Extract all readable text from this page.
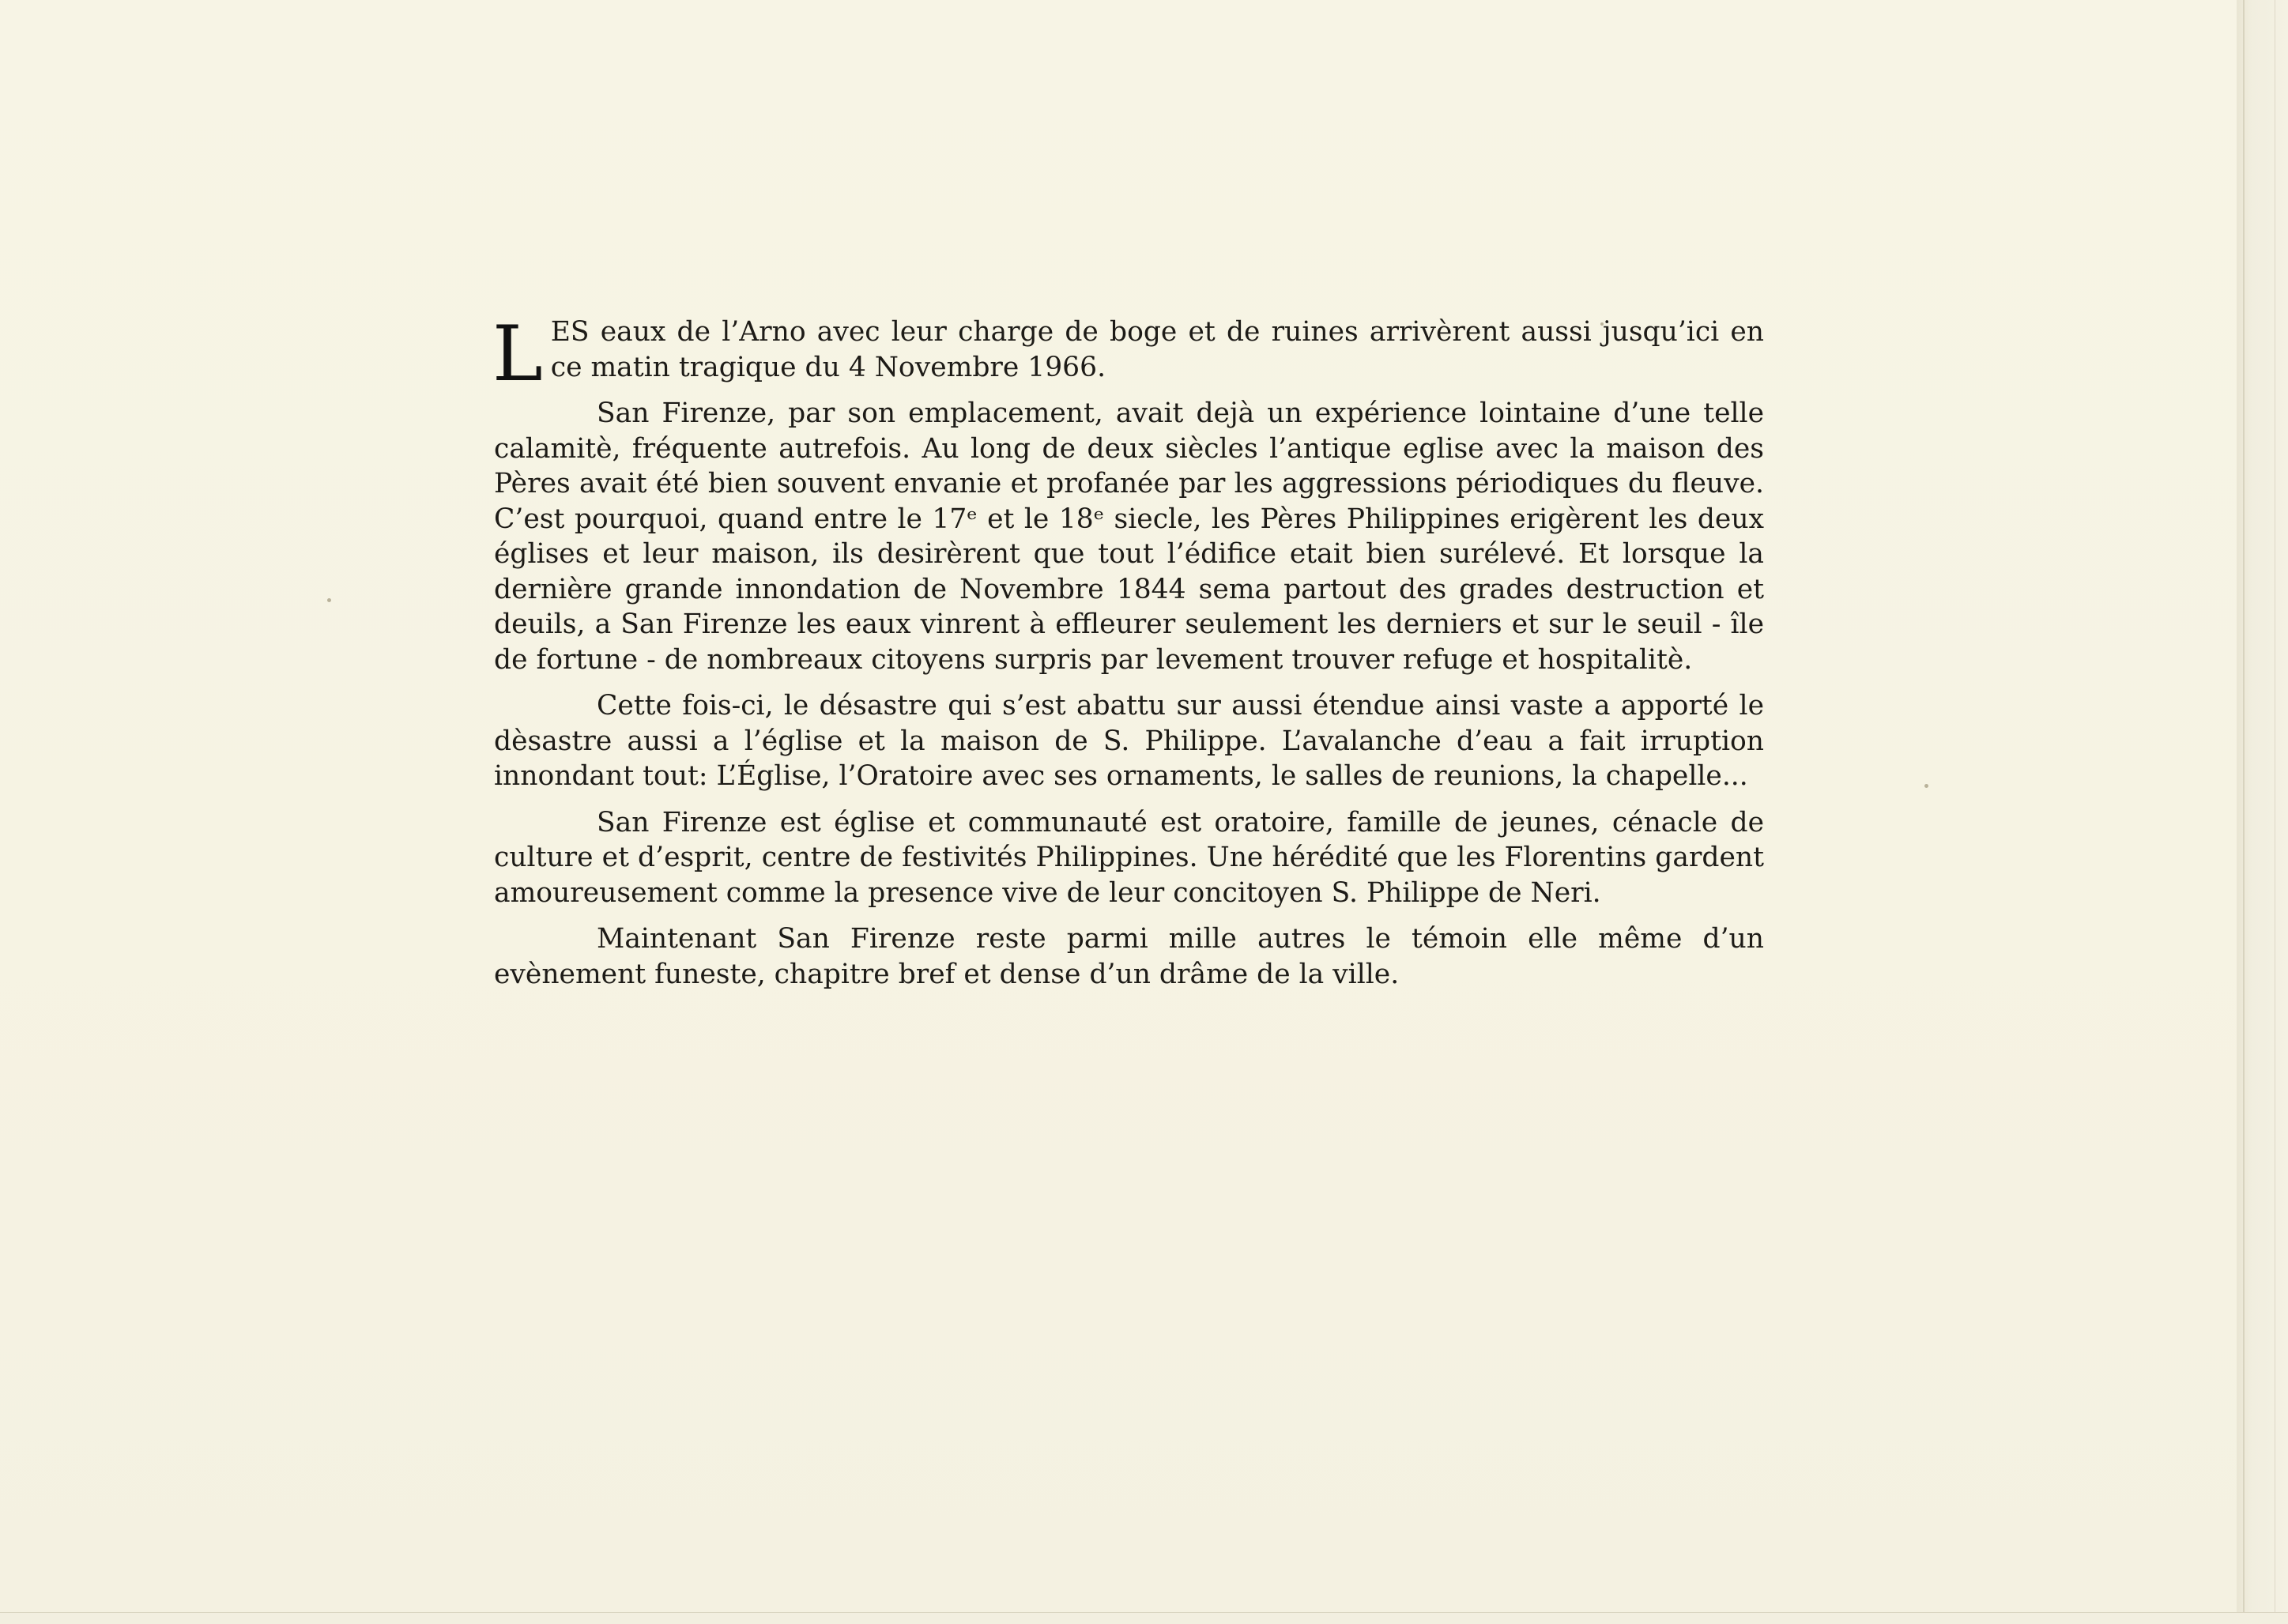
LES eaux de l’Arno avec leur charge de boge et de ruines arrivèrent aussi jusqu’ici en ce matin tragique du 4 Novembre 1966.

San Firenze, par son emplacement, avait dejà un expérience lointaine d’une telle calamitè, fréquente autrefois. Au long de deux siècles l’antique eglise avec la maison des Pères avait été bien souvent envanie et profanée par les aggressions périodiques du fleuve. C’est pourquoi, quand entre le 17ᵉ et le 18ᵉ siecle, les Pères Philippines erigèrent les deux églises et leur maison, ils desirèrent que tout l’édifice etait bien surélevé. Et lorsque la dernière grande innondation de Novembre 1844 sema partout des grades destruction et deuils, a San Firenze les eaux vinrent à effleurer seulement les derniers et sur le seuil - île de fortune - de nombreaux citoyens surpris par levement trouver refuge et hospitalitè.

Cette fois-ci, le désastre qui s’est abattu sur aussi étendue ainsi vaste a apporté le dèsastre aussi a l’église et la maison de S. Philippe. L’avalanche d’eau a fait irruption innondant tout: L’Église, l’Oratoire avec ses ornaments, le salles de reunions, la chapelle...

San Firenze est église et communauté est oratoire, famille de jeunes, cénacle de culture et d’esprit, centre de festivités Philippines. Une hérédité que les Florentins gardent amoureusement comme la presence vive de leur concitoyen S. Philippe de Neri.

Maintenant San Firenze reste parmi mille autres le témoin elle même d’un evènement funeste, chapitre bref et dense d’un drâme de la ville.
